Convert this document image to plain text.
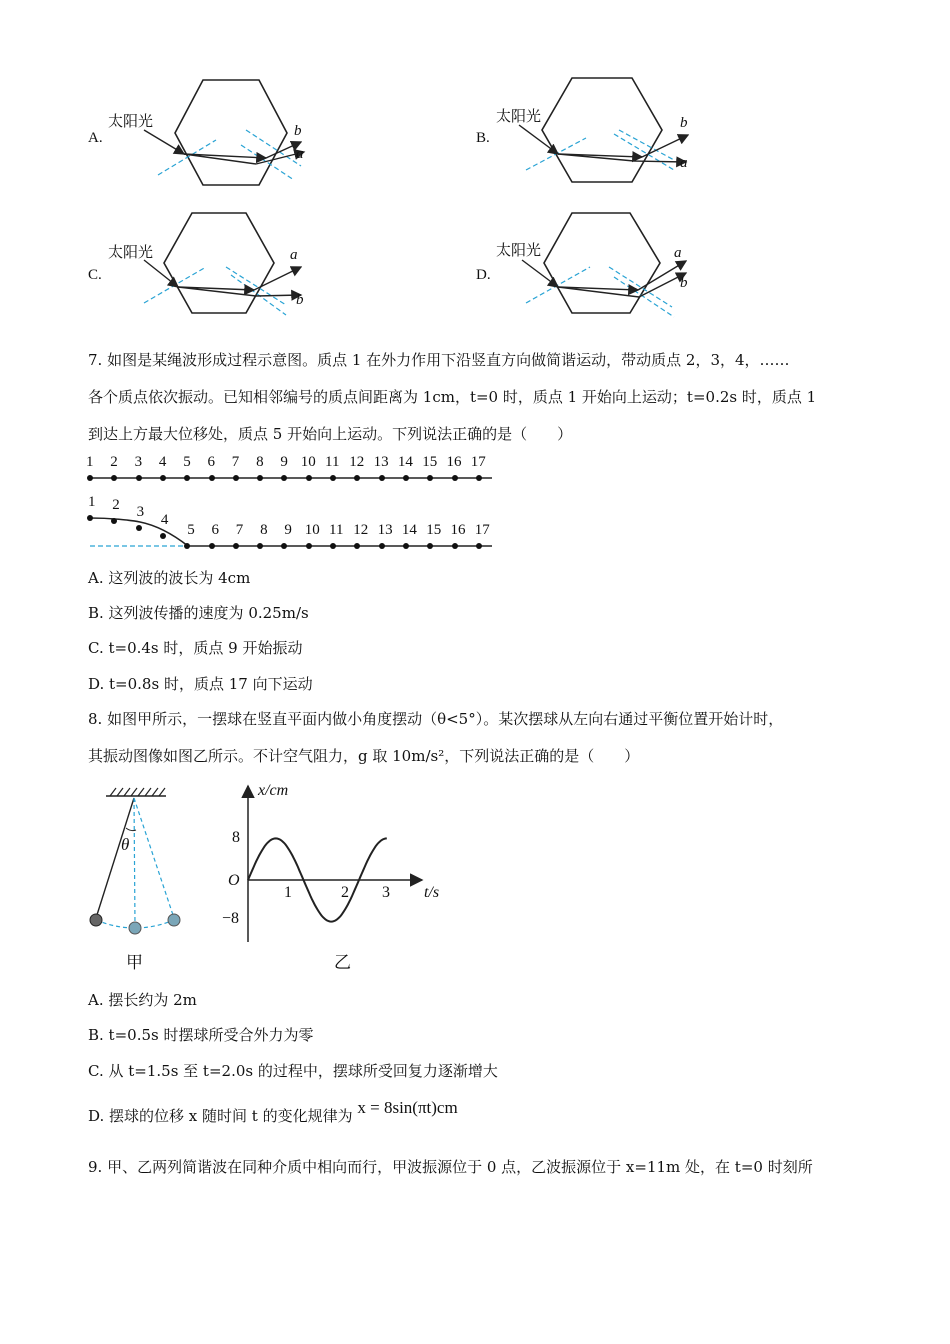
A.
太阳光
b
a
B.
太阳光	b
a
C.
太阳光	a
b
D.
太阳光	a
b
7. 如图是某绳波形成过程示意图。质点 1 在外力作用下沿竖直方向做简谐运动，带动质点 2，3，4，……
各个质点依次振动。已知相邻编号的质点间距离为 1cm，t=0 时，质点 1 开始向上运动；t=0.2s 时，质点 1
到达上方最大位移处，质点 5 开始向上运动。下列说法正确的是（　　）
1 2 3 4 5 6 7 8 9 10 11 12 13 14 15 16 17
1 2 3 4
5 6 7 8 9 10 11 12 13 14 15 16 17
A. 这列波的波长为 4cm
B. 这列波传播的速度为 0.25m/s
C. t=0.4s 时，质点 9 开始振动
D. t=0.8s 时，质点 17 向下运动
8. 如图甲所示，一摆球在竖直平面内做小角度摆动（θ<5°）。某次摆球从左向右通过平衡位置开始计时，
其振动图像如图乙所示。不计空气阻力，g 取 10m/s²，下列说法正确的是（　　）
θ
甲
x/cm
t/s
O
8
−8
1	2 3
乙
A. 摆长约为 2m
B. t=0.5s 时摆球所受合外力为零
C. 从 t=1.5s 至 t=2.0s 的过程中，摆球所受回复力逐渐增大
D. 摆球的位移 x 随时间 t 的变化规律为 x = 8sin(πt)cm
9. 甲、乙两列简谐波在同种介质中相向而行，甲波振源位于 0 点，乙波振源位于 x=11m 处，在 t=0 时刻所
